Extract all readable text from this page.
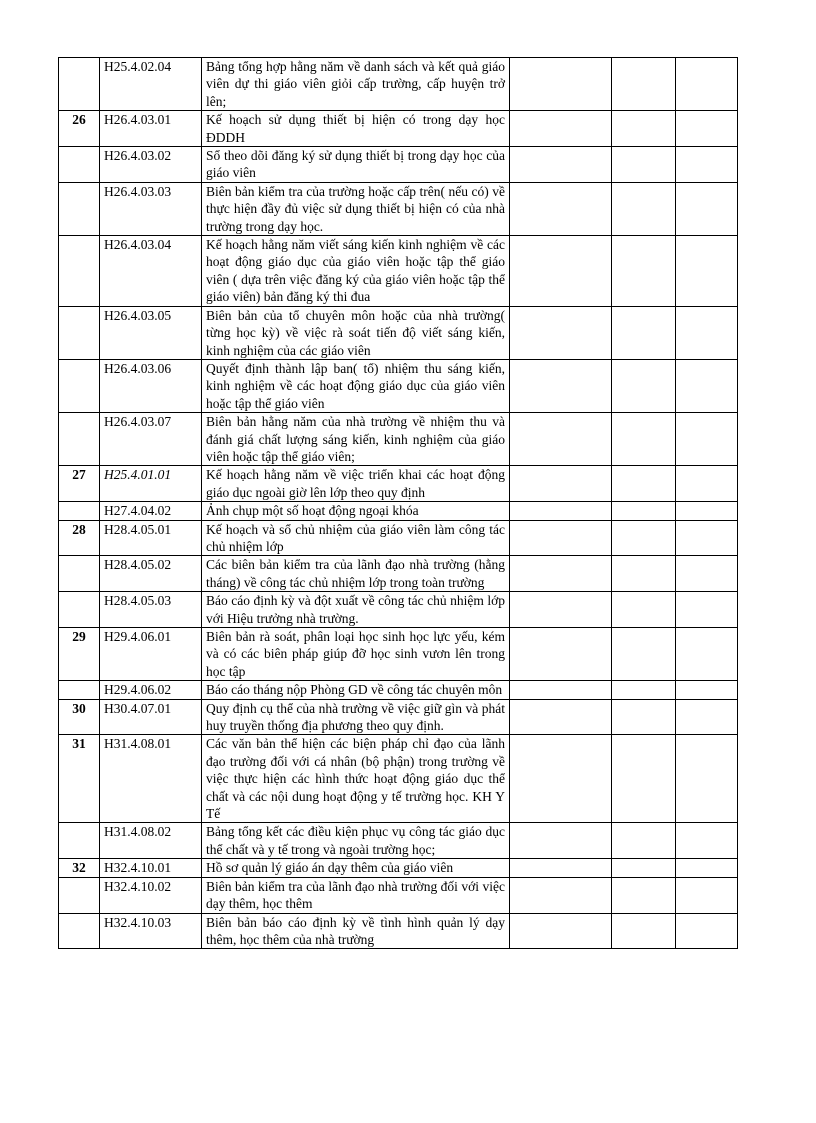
	H25.4.02.04	Bảng tổng hợp hằng năm về danh sách và kết quả giáo viên dự thi giáo viên giỏi cấp trường, cấp huyện trở lên;			
26	H26.4.03.01	Kế hoạch sử dụng thiết bị hiện có trong dạy học ĐDDH			
	H26.4.03.02	Sổ theo dõi đăng ký sử dụng thiết bị trong dạy học của giáo viên			
	H26.4.03.03	Biên bản kiểm tra của trường hoặc cấp trên( nếu có) về thực hiện đầy đủ việc sử dụng thiết bị hiện có của nhà trường trong dạy học.			
	H26.4.03.04	Kế hoạch hằng năm viết sáng kiến kinh nghiệm về các hoạt động giáo dục của giáo viên hoặc tập thể giáo viên ( dựa trên việc đăng ký của giáo viên hoặc tập thể giáo viên) bản đăng ký thi đua			
	H26.4.03.05	Biên bản của tổ chuyên môn hoặc của nhà trường( từng học kỳ) về việc rà soát tiến độ viết sáng kiến, kinh nghiệm của các giáo viên			
	H26.4.03.06	Quyết định thành lập ban( tổ) nhiệm thu sáng kiến, kinh nghiệm về các hoạt động giáo dục của giáo viên hoặc tập thể giáo viên			
	H26.4.03.07	Biên bản hằng năm của nhà trường về nhiệm thu và đánh giá chất lượng sáng kiến, kinh nghiệm của giáo viên hoặc tập thể giáo viên;			
27	H25.4.01.01	Kế hoạch hằng năm về việc triển khai các hoạt động giáo dục ngoài giờ lên lớp theo quy định			
	H27.4.04.02	Ảnh chụp một số hoạt động ngoại khóa			
28	H28.4.05.01	Kế hoạch và sổ chủ nhiệm của giáo viên làm công tác chủ nhiệm lớp			
	H28.4.05.02	Các biên bản kiểm tra của lãnh đạo nhà trường (hằng tháng) về công tác chủ nhiệm lớp trong toàn trường			
	H28.4.05.03	Báo cáo định kỳ và đột xuất về công tác chủ nhiệm lớp với Hiệu trưởng nhà trường.			
29	H29.4.06.01	Biên bản rà soát, phân loại học sinh học lực yếu, kém và có các biên pháp giúp đỡ học sinh vươn lên trong học tập			
	H29.4.06.02	Báo cáo tháng nộp Phòng GD về công tác chuyên môn			
30	H30.4.07.01	Quy định cụ thể của nhà trường về việc giữ gìn và phát huy truyền thống địa phương theo quy định.			
31	H31.4.08.01	Các văn bản thể hiện các biện pháp chỉ đạo của lãnh đạo trường đối với cá nhân (bộ phận) trong trường về việc thực hiện các hình thức hoạt động giáo dục thể chất và các nội dung hoạt động y tế trường học. KH Y Tế			
	H31.4.08.02	Bảng tổng kết các điều kiện phục vụ công tác giáo dục thể chất và y tế trong và ngoài trường học;			
32	H32.4.10.01	Hồ sơ quản lý giáo án dạy thêm của giáo viên			
	H32.4.10.02	Biên bản kiểm tra của lãnh đạo nhà trường đối với việc dạy thêm, học thêm			
	H32.4.10.03	Biên bản báo cáo định kỳ về tình hình quản lý dạy thêm, học thêm của nhà trường			
